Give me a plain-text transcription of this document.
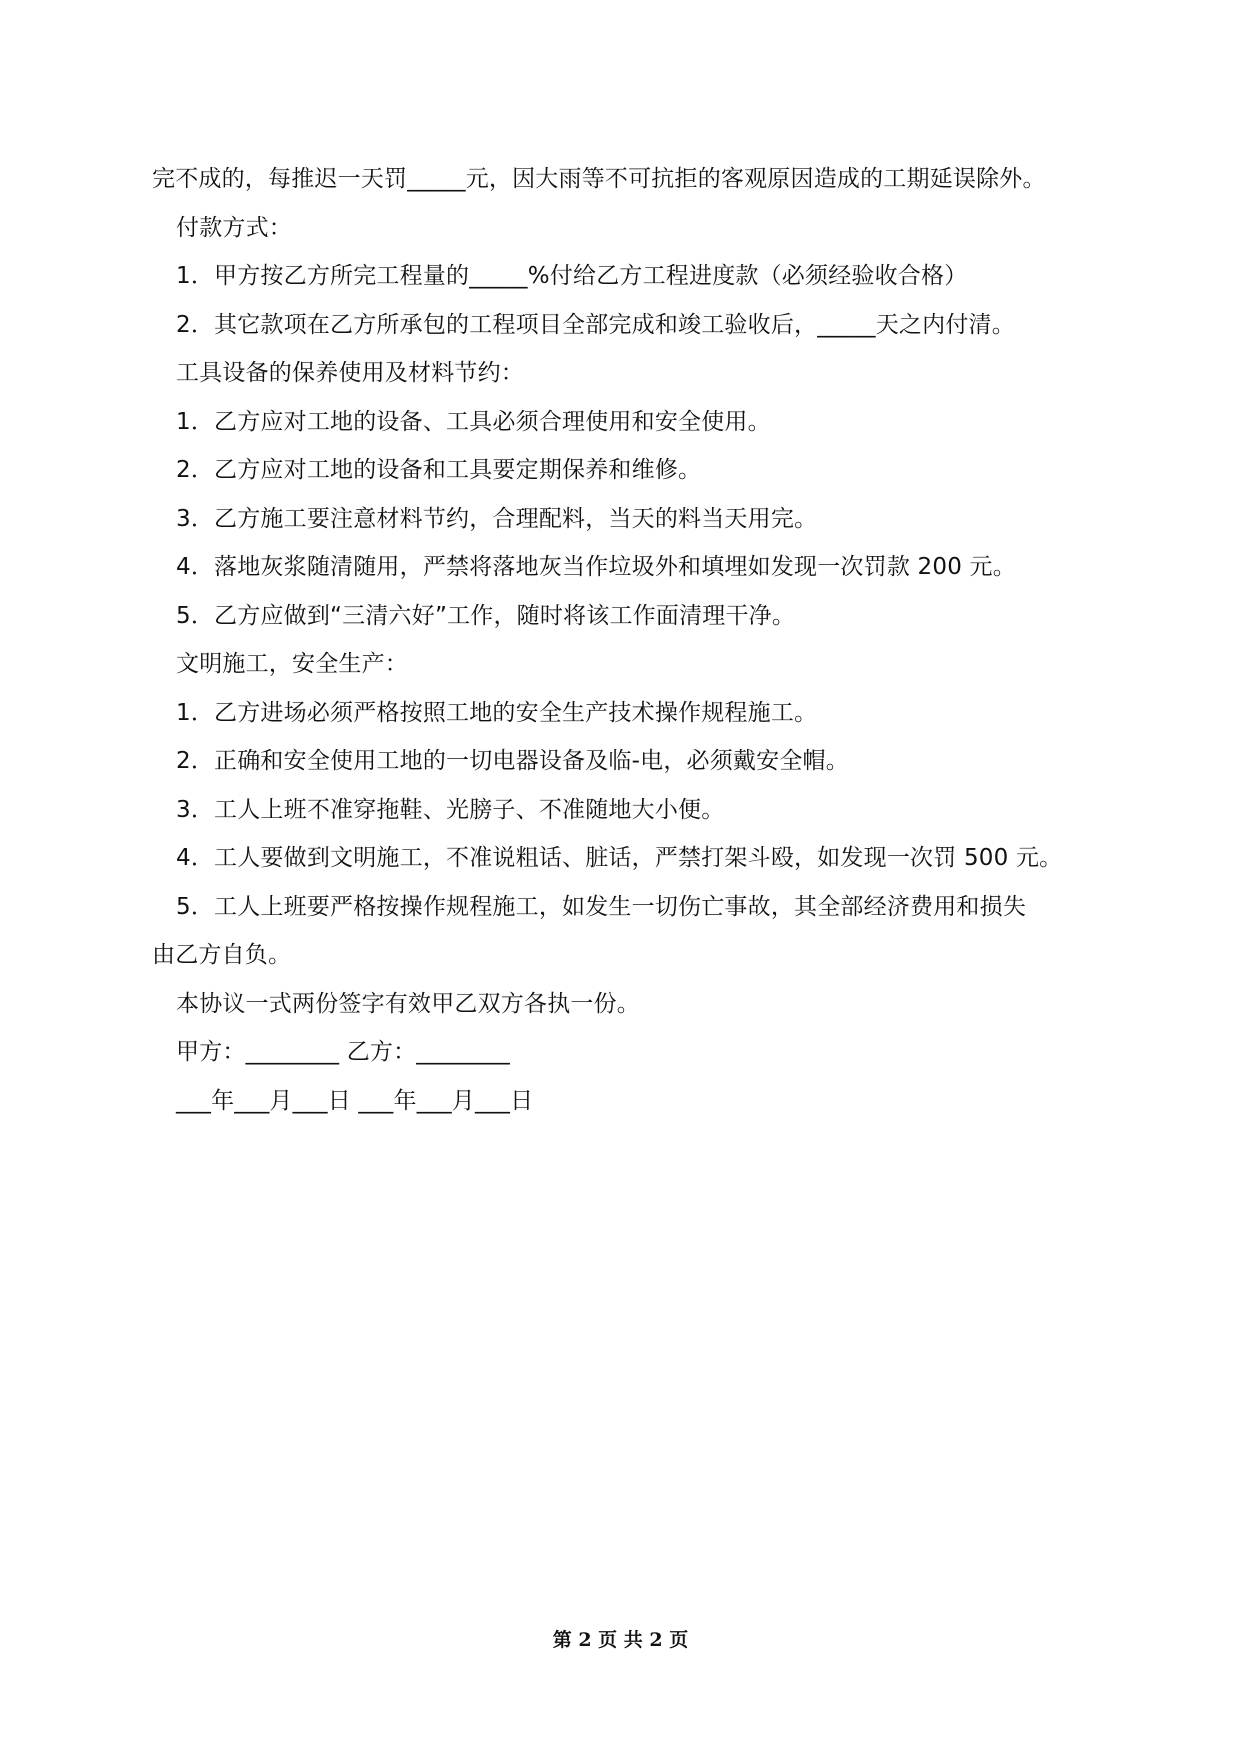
完不成的，每推迟一天罚_____元，因大雨等不可抗拒的客观原因造成的工期延误除外。
付款方式：
1．甲方按乙方所完工程量的_____%付给乙方工程进度款（必须经验收合格）
2．其它款项在乙方所承包的工程项目全部完成和竣工验收后，_____天之内付清。
工具设备的保养使用及材料节约：
1．乙方应对工地的设备、工具必须合理使用和安全使用。
2．乙方应对工地的设备和工具要定期保养和维修。
3．乙方施工要注意材料节约，合理配料，当天的料当天用完。
4．落地灰浆随清随用，严禁将落地灰当作垃圾外和填埋如发现一次罚款 200 元。
5．乙方应做到“三清六好”工作，随时将该工作面清理干净。
文明施工，安全生产：
1．乙方进场必须严格按照工地的安全生产技术操作规程施工。
2．正确和安全使用工地的一切电器设备及临-电，必须戴安全帽。
3．工人上班不准穿拖鞋、光膀子、不准随地大小便。
4．工人要做到文明施工，不准说粗话、脏话，严禁打架斗殴，如发现一次罚 500 元。
5．工人上班要严格按操作规程施工，如发生一切伤亡事故，其全部经济费用和损失
由乙方自负。
本协议一式两份签字有效甲乙双方各执一份。
甲方：________ 乙方：________
___年___月___日 ___年___月___日
第 2 页 共 2 页
